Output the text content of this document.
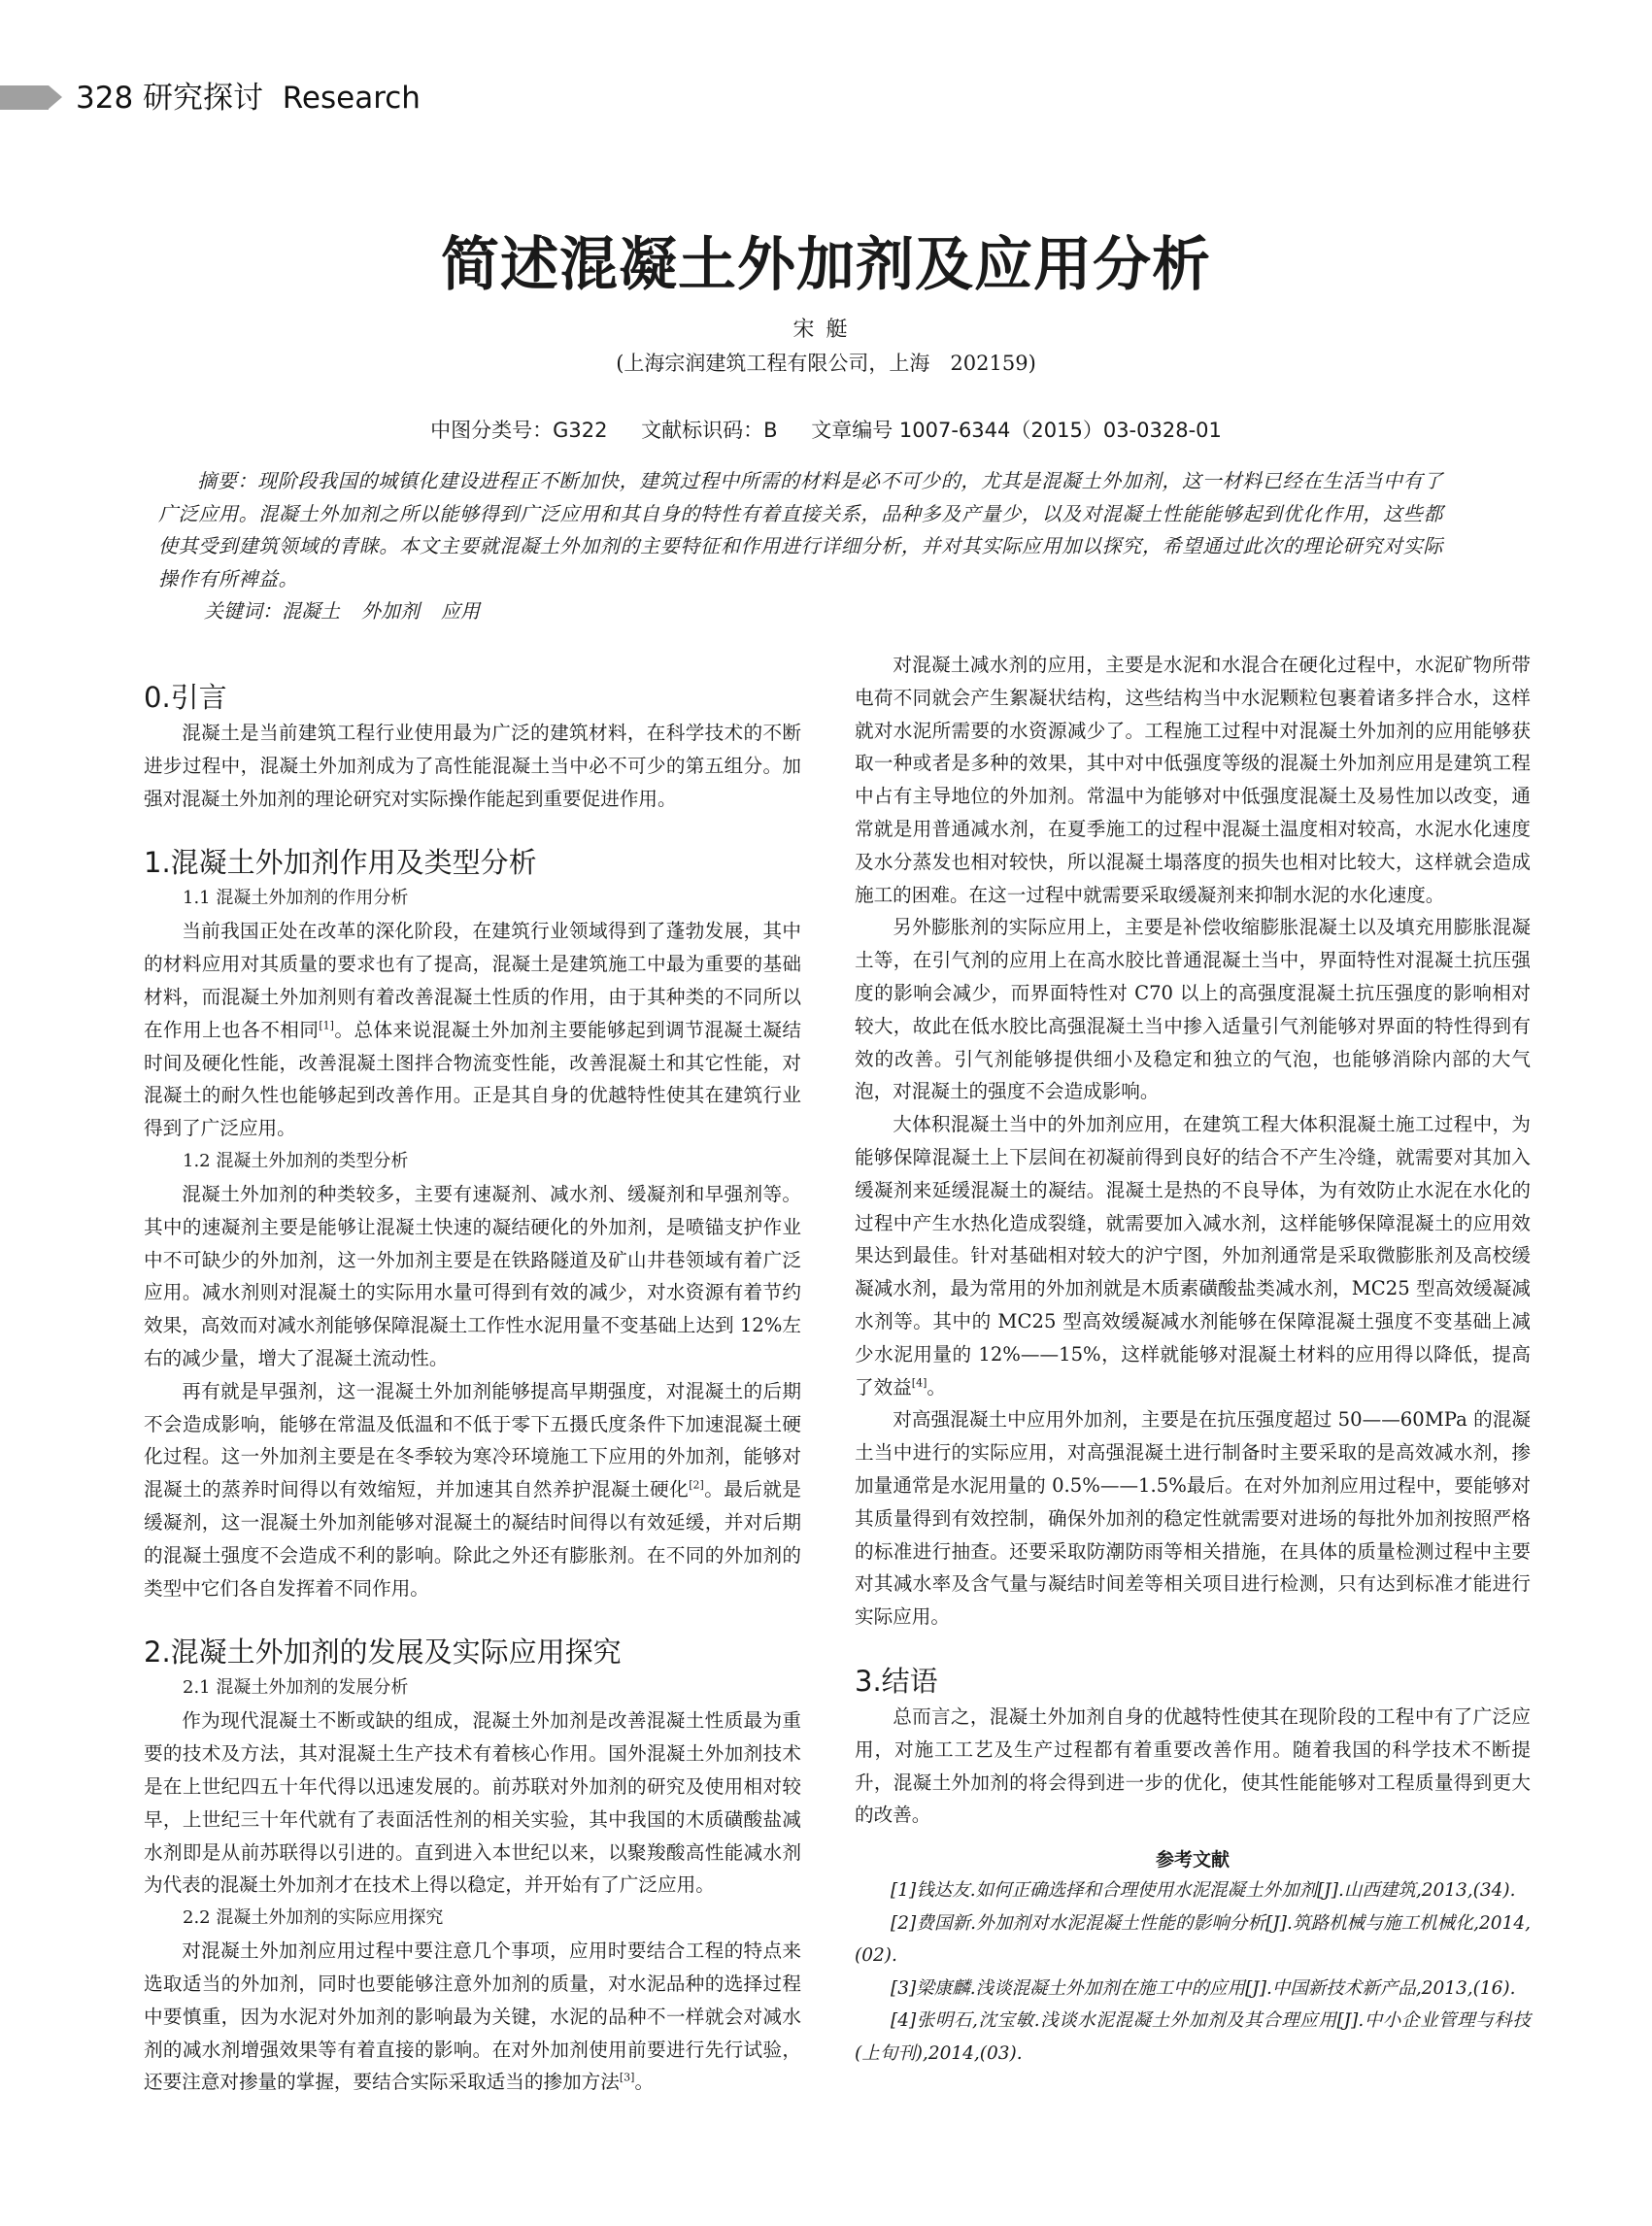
328 研究探讨 Research
简述混凝土外加剂及应用分析
宋艇
(上海宗润建筑工程有限公司，上海　202159)
中图分类号：G322 文献标识码：B 文章编号 1007-6344（2015）03-0328-01
摘要：现阶段我国的城镇化建设进程正不断加快，建筑过程中所需的材料是必不可少的，尤其是混凝土外加剂，这一材料已经在生活当中有了广泛应用。混凝土外加剂之所以能够得到广泛应用和其自身的特性有着直接关系，品种多及产量少，以及对混凝土性能能够起到优化作用，这些都使其受到建筑领域的青睐。本文主要就混凝土外加剂的主要特征和作用进行详细分析，并对其实际应用加以探究，希望通过此次的理论研究对实际操作有所裨益。
关键词：混凝土 外加剂 应用
0.引言
混凝土是当前建筑工程行业使用最为广泛的建筑材料，在科学技术的不断进步过程中，混凝土外加剂成为了高性能混凝土当中必不可少的第五组分。加强对混凝土外加剂的理论研究对实际操作能起到重要促进作用。
1.混凝土外加剂作用及类型分析
1.1 混凝土外加剂的作用分析
当前我国正处在改革的深化阶段，在建筑行业领域得到了蓬勃发展，其中的材料应用对其质量的要求也有了提高，混凝土是建筑施工中最为重要的基础材料，而混凝土外加剂则有着改善混凝土性质的作用，由于其种类的不同所以在作用上也各不相同[1]。总体来说混凝土外加剂主要能够起到调节混凝土凝结时间及硬化性能，改善混凝土图拌合物流变性能，改善混凝土和其它性能，对混凝土的耐久性也能够起到改善作用。正是其自身的优越特性使其在建筑行业得到了广泛应用。
1.2 混凝土外加剂的类型分析
混凝土外加剂的种类较多，主要有速凝剂、减水剂、缓凝剂和早强剂等。其中的速凝剂主要是能够让混凝土快速的凝结硬化的外加剂，是喷锚支护作业中不可缺少的外加剂，这一外加剂主要是在铁路隧道及矿山井巷领域有着广泛应用。减水剂则对混凝土的实际用水量可得到有效的减少，对水资源有着节约效果，高效而对减水剂能够保障混凝土工作性水泥用量不变基础上达到 12%左右的减少量，增大了混凝土流动性。
再有就是早强剂，这一混凝土外加剂能够提高早期强度，对混凝土的后期不会造成影响，能够在常温及低温和不低于零下五摄氏度条件下加速混凝土硬化过程。这一外加剂主要是在冬季较为寒冷环境施工下应用的外加剂，能够对混凝土的蒸养时间得以有效缩短，并加速其自然养护混凝土硬化[2]。最后就是缓凝剂，这一混凝土外加剂能够对混凝土的凝结时间得以有效延缓，并对后期的混凝土强度不会造成不利的影响。除此之外还有膨胀剂。在不同的外加剂的类型中它们各自发挥着不同作用。
2.混凝土外加剂的发展及实际应用探究
2.1 混凝土外加剂的发展分析
作为现代混凝土不断或缺的组成，混凝土外加剂是改善混凝土性质最为重要的技术及方法，其对混凝土生产技术有着核心作用。国外混凝土外加剂技术是在上世纪四五十年代得以迅速发展的。前苏联对外加剂的研究及使用相对较早，上世纪三十年代就有了表面活性剂的相关实验，其中我国的木质磺酸盐减水剂即是从前苏联得以引进的。直到进入本世纪以来，以聚羧酸高性能减水剂为代表的混凝土外加剂才在技术上得以稳定，并开始有了广泛应用。
2.2 混凝土外加剂的实际应用探究
对混凝土外加剂应用过程中要注意几个事项，应用时要结合工程的特点来选取适当的外加剂，同时也要能够注意外加剂的质量，对水泥品种的选择过程中要慎重，因为水泥对外加剂的影响最为关键，水泥的品种不一样就会对减水剂的减水剂增强效果等有着直接的影响。在对外加剂使用前要进行先行试验，还要注意对掺量的掌握，要结合实际采取适当的掺加方法[3]。
对混凝土减水剂的应用，主要是水泥和水混合在硬化过程中，水泥矿物所带电荷不同就会产生絮凝状结构，这些结构当中水泥颗粒包裹着诸多拌合水，这样就对水泥所需要的水资源减少了。工程施工过程中对混凝土外加剂的应用能够获取一种或者是多种的效果，其中对中低强度等级的混凝土外加剂应用是建筑工程中占有主导地位的外加剂。常温中为能够对中低强度混凝土及易性加以改变，通常就是用普通减水剂，在夏季施工的过程中混凝土温度相对较高，水泥水化速度及水分蒸发也相对较快，所以混凝土塌落度的损失也相对比较大，这样就会造成施工的困难。在这一过程中就需要采取缓凝剂来抑制水泥的水化速度。
另外膨胀剂的实际应用上，主要是补偿收缩膨胀混凝土以及填充用膨胀混凝土等，在引气剂的应用上在高水胶比普通混凝土当中，界面特性对混凝土抗压强度的影响会减少，而界面特性对 C70 以上的高强度混凝土抗压强度的影响相对较大，故此在低水胶比高强混凝土当中掺入适量引气剂能够对界面的特性得到有效的改善。引气剂能够提供细小及稳定和独立的气泡，也能够消除内部的大气泡，对混凝土的强度不会造成影响。
大体积混凝土当中的外加剂应用，在建筑工程大体积混凝土施工过程中，为能够保障混凝土上下层间在初凝前得到良好的结合不产生冷缝，就需要对其加入缓凝剂来延缓混凝土的凝结。混凝土是热的不良导体，为有效防止水泥在水化的过程中产生水热化造成裂缝，就需要加入减水剂，这样能够保障混凝土的应用效果达到最佳。针对基础相对较大的沪宁图，外加剂通常是采取微膨胀剂及高校缓凝减水剂，最为常用的外加剂就是木质素磺酸盐类减水剂，MC25 型高效缓凝减水剂等。其中的 MC25 型高效缓凝减水剂能够在保障混凝土强度不变基础上减少水泥用量的 12%——15%，这样就能够对混凝土材料的应用得以降低，提高了效益[4]。
对高强混凝土中应用外加剂，主要是在抗压强度超过 50——60MPa 的混凝土当中进行的实际应用，对高强混凝土进行制备时主要采取的是高效减水剂，掺加量通常是水泥用量的 0.5%——1.5%最后。在对外加剂应用过程中，要能够对其质量得到有效控制，确保外加剂的稳定性就需要对进场的每批外加剂按照严格的标准进行抽查。还要采取防潮防雨等相关措施，在具体的质量检测过程中主要对其减水率及含气量与凝结时间差等相关项目进行检测，只有达到标准才能进行实际应用。
3.结语
总而言之，混凝土外加剂自身的优越特性使其在现阶段的工程中有了广泛应用，对施工工艺及生产过程都有着重要改善作用。随着我国的科学技术不断提升，混凝土外加剂的将会得到进一步的优化，使其性能能够对工程质量得到更大的改善。
参考文献
[1]钱达友.如何正确选择和合理使用水泥混凝土外加剂[J].山西建筑,2013,(34).
[2]费国新.外加剂对水泥混凝土性能的影响分析[J].筑路机械与施工机械化,2014,(02).
[3]梁康麟.浅谈混凝土外加剂在施工中的应用[J].中国新技术新产品,2013,(16).
[4]张明石,沈宝敏.浅谈水泥混凝土外加剂及其合理应用[J].中小企业管理与科技(上旬刊),2014,(03).
